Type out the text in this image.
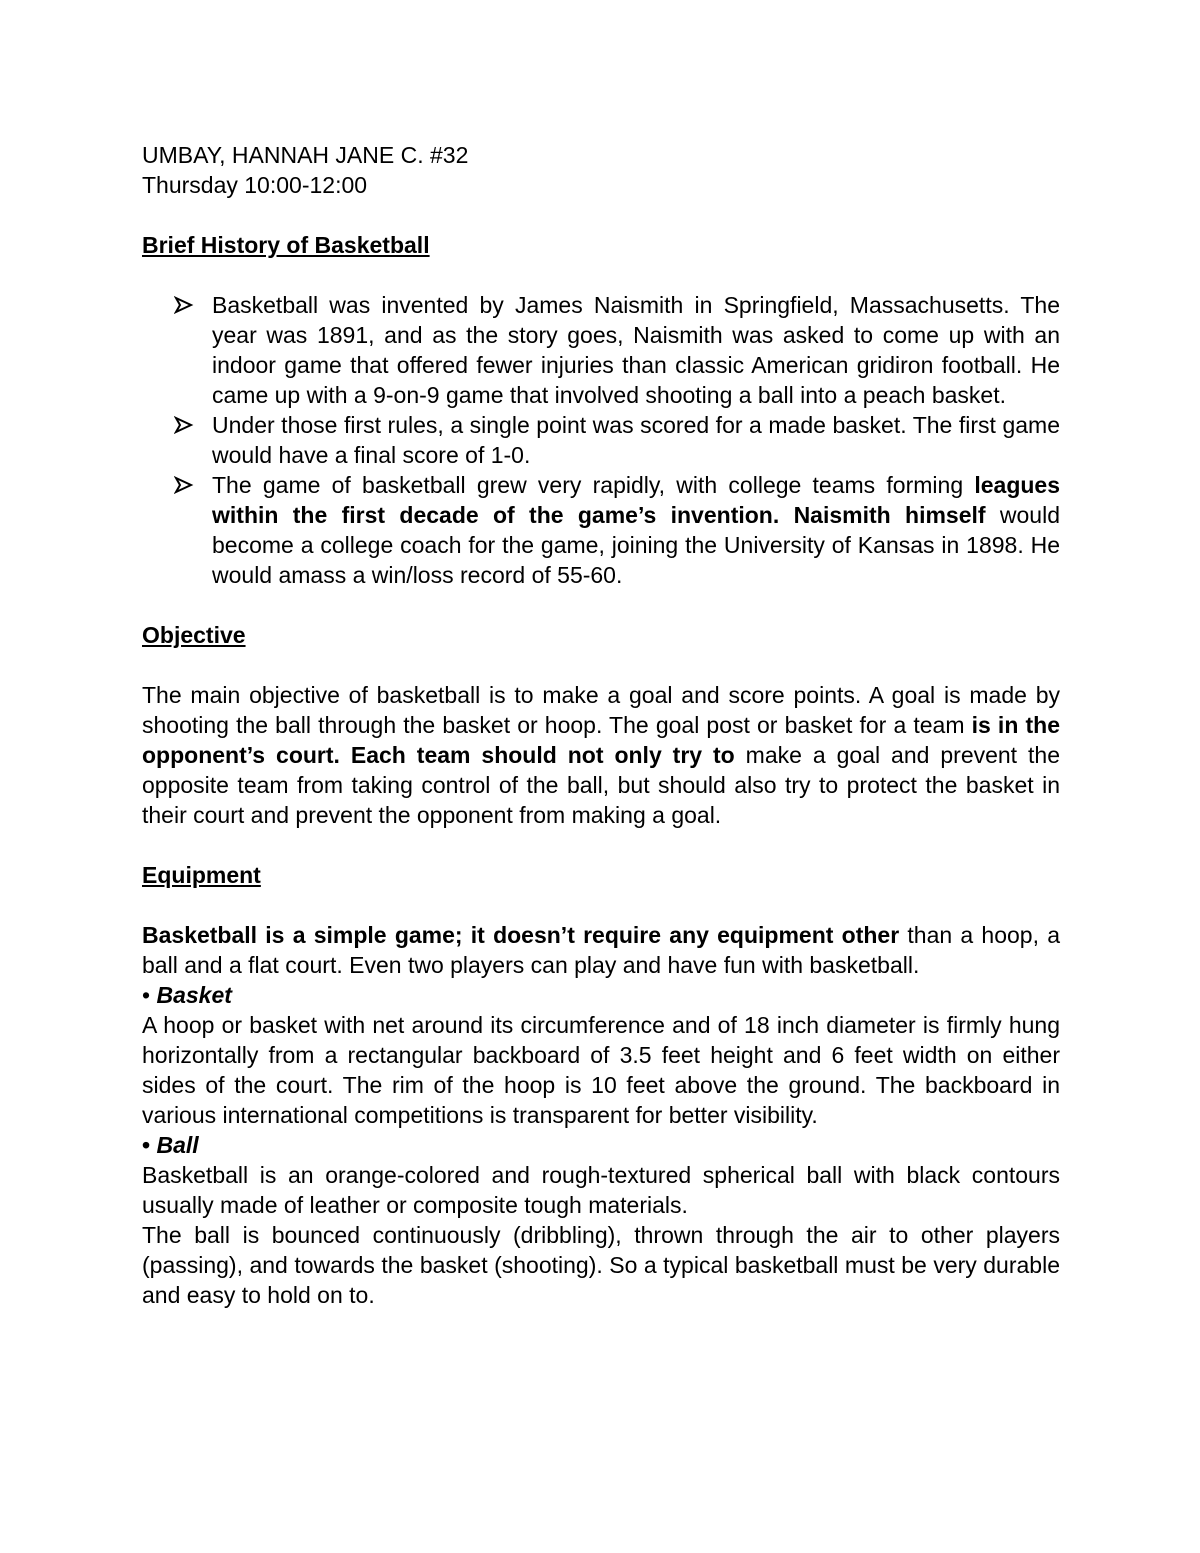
UMBAY, HANNAH JANE C. #32

Thursday 10:00-12:00

Brief History of Basketball

Basketball was invented by James Naismith in Springfield, Massachusetts. The year was 1891, and as the story goes, Naismith was asked to come up with an indoor game that offered fewer injuries than classic American gridiron football. He came up with a 9-on-9 game that involved shooting a ball into a peach basket.
Under those first rules, a single point was scored for a made basket. The first game would have a final score of 1-0.
The game of basketball grew very rapidly, with college teams forming leagues within the first decade of the game’s invention. Naismith himself would become a college coach for the game, joining the University of Kansas in 1898. He would amass a win/loss record of 55-60.

Objective

The main objective of basketball is to make a goal and score points. A goal is made by shooting the ball through the basket or hoop. The goal post or basket for a team is in the opponent’s court. Each team should not only try to make a goal and prevent the opposite team from taking control of the ball, but should also try to protect the basket in their court and prevent the opponent from making a goal.

Equipment

Basketball is a simple game; it doesn’t require any equipment other than a hoop, a ball and a flat court. Even two players can play and have fun with basketball.

• Basket

A hoop or basket with net around its circumference and of 18 inch diameter is firmly hung horizontally from a rectangular backboard of 3.5 feet height and 6 feet width on either sides of the court. The rim of the hoop is 10 feet above the ground. The backboard in various international competitions is transparent for better visibility.

• Ball

Basketball is an orange-colored and rough-textured spherical ball with black contours usually made of leather or composite tough materials.

The ball is bounced continuously (dribbling), thrown through the air to other players (passing), and towards the basket (shooting). So a typical basketball must be very durable and easy to hold on to.
